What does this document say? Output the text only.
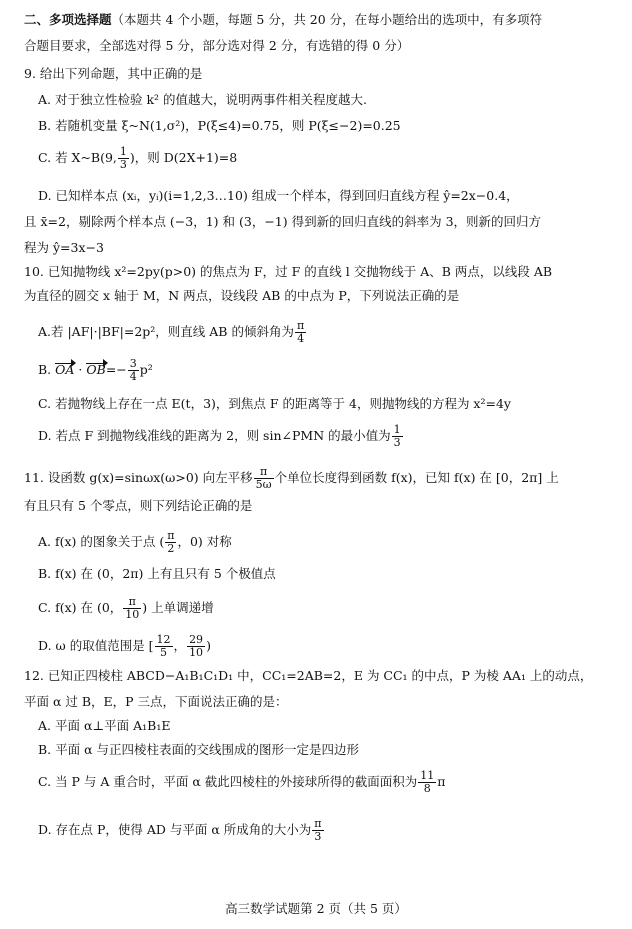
二、多项选择题（本题共 4 个小题，每题 5 分，共 20 分，在每小题给出的选项中，有多项符
合题目要求，全部选对得 5 分，部分选对得 2 分，有选错的得 0 分）
9. 给出下列命题，其中正确的是
A. 对于独立性检验 k² 的值越大，说明两事件相关程度越大.
B. 若随机变量 ξ~N(1,σ²)，P(ξ≤4)=0.75，则 P(ξ≤−2)=0.25
C. 若 X~B(9, $\frac{1}{3}$ )，则 D(2X+1)=8
D. 已知样本点 (xᵢ，yᵢ)(i=1,2,3…10) 组成一个样本，得到回归直线方程 ŷ=2x−0.4，
且 x̄=2，剔除两个样本点 (−3，1) 和 (3，−1) 得到新的回归直线的斜率为 3，则新的回归方
程为 ŷ=3x−3
10. 已知抛物线 x²=2py(p>0) 的焦点为 F，过 F 的直线 l 交抛物线于 A、B 两点，以线段 AB
为直径的圆交 x 轴于 M，N 两点，设线段 AB 的中点为 P，下列说法正确的是
A.若 |AF|·|BF|=2p²，则直线 AB 的倾斜角为 $\frac{\pi}{4}$
B. OA · $OB=- \frac{3}{4} p^2$
C. 若抛物线上存在一点 E(t，3)，到焦点 F 的距离等于 4，则抛物线的方程为 x²=4y
D. 若点 F 到抛物线准线的距离为 2，则 sin∠PMN 的最小值为 $\frac{1}{3}$
11. 设函数 g(x)=sinωx(ω>0) 向左平移 $\frac{\pi}{5\omega}$ 个单位长度得到函数 f(x)，已知 f(x) 在 [0，2π] 上
有且只有 5 个零点，则下列结论正确的是
A. f(x) 的图象关于点 ( $\frac{\pi}{2}$ ，0) 对称
B. f(x) 在 (0，2π) 上有且只有 5 个极值点
C. f(x) 在 (0， $\frac{\pi}{10}$ ) 上单调递增
D. ω 的取值范围是 [ $\frac{12}{5}$ ， $\frac{29}{10}$ )
12. 已知正四棱柱 ABCD−A₁B₁C₁D₁ 中，CC₁=2AB=2，E 为 CC₁ 的中点，P 为棱 AA₁ 上的动点，
平面 α 过 B，E，P 三点，下面说法正确的是：
A. 平面 α⊥平面 A₁B₁E
B. 平面 α 与正四棱柱表面的交线围成的图形一定是四边形
C. 当 P 与 A 重合时，平面 α 截此四棱柱的外接球所得的截面面积为 $\frac{11}{8}$ π
D. 存在点 P，使得 AD 与平面 α 所成角的大小为 $\frac{\pi}{3}$
高三数学试题第 2 页（共 5 页）
